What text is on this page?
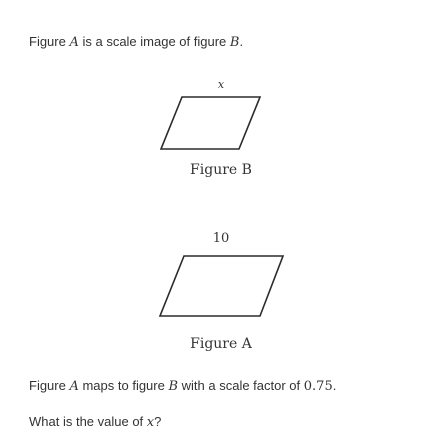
Figure A is a scale image of figure B.
x
Figure B
10
Figure A
Figure A maps to figure B with a scale factor of 0.75.
What is the value of x?
